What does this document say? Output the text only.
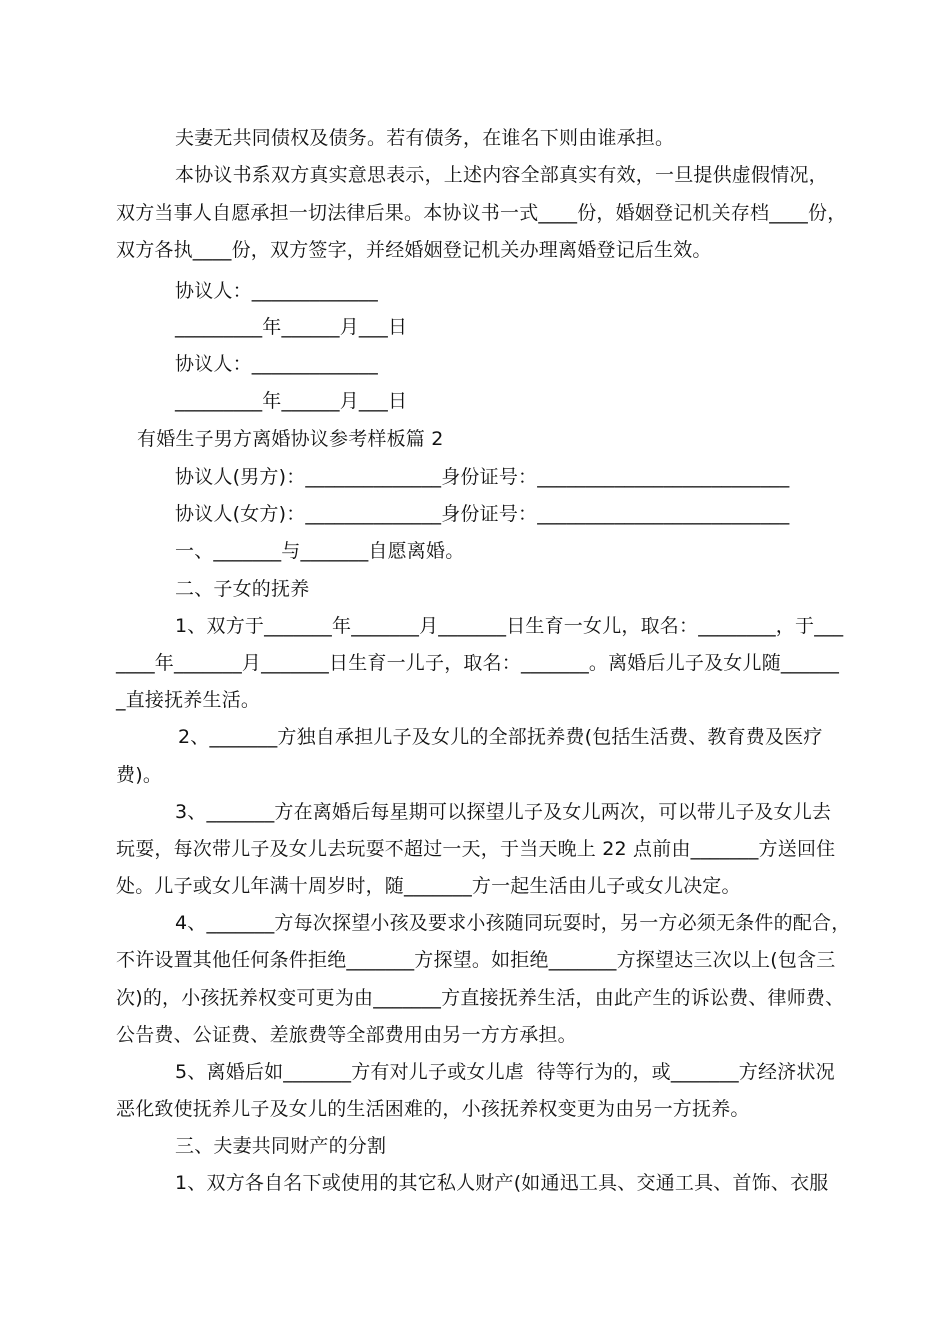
夫妻无共同债权及债务。若有债务，在谁名下则由谁承担。
本协议书系双方真实意思表示，上述内容全部真实有效，一旦提供虚假情况，
双方当事人自愿承担一切法律后果。本协议书一式____份，婚姻登记机关存档____份，
双方各执____份，双方签字，并经婚姻登记机关办理离婚登记后生效。
协议人：_____________
_________年______月___日
协议人：_____________
_________年______月___日
有婚生子男方离婚协议参考样板篇 2
协议人(男方)：______________身份证号：__________________________
协议人(女方)：______________身份证号：__________________________
一、_______与_______自愿离婚。
二、子女的抚养
1、双方于_______年_______月_______日生育一女儿，取名：________，于___
____年_______月_______日生育一儿子，取名：_______。离婚后儿子及女儿随______
_直接抚养生活。
2、_______方独自承担儿子及女儿的全部抚养费(包括生活费、教育费及医疗
费)。
3、_______方在离婚后每星期可以探望儿子及女儿两次，可以带儿子及女儿去
玩耍，每次带儿子及女儿去玩耍不超过一天，于当天晚上 22 点前由_______方送回住
处。儿子或女儿年满十周岁时，随_______方一起生活由儿子或女儿决定。
4、_______方每次探望小孩及要求小孩随同玩耍时，另一方必须无条件的配合，
不许设置其他任何条件拒绝_______方探望。如拒绝_______方探望达三次以上(包含三
次)的，小孩抚养权变可更为由_______方直接抚养生活，由此产生的诉讼费、律师费、
公告费、公证费、差旅费等全部费用由另一方方承担。
5、离婚后如_______方有对儿子或女儿虐  待等行为的，或_______方经济状况
恶化致使抚养儿子及女儿的生活困难的，小孩抚养权变更为由另一方抚养。
三、夫妻共同财产的分割
1、双方各自名下或使用的其它私人财产(如通迅工具、交通工具、首饰、衣服
